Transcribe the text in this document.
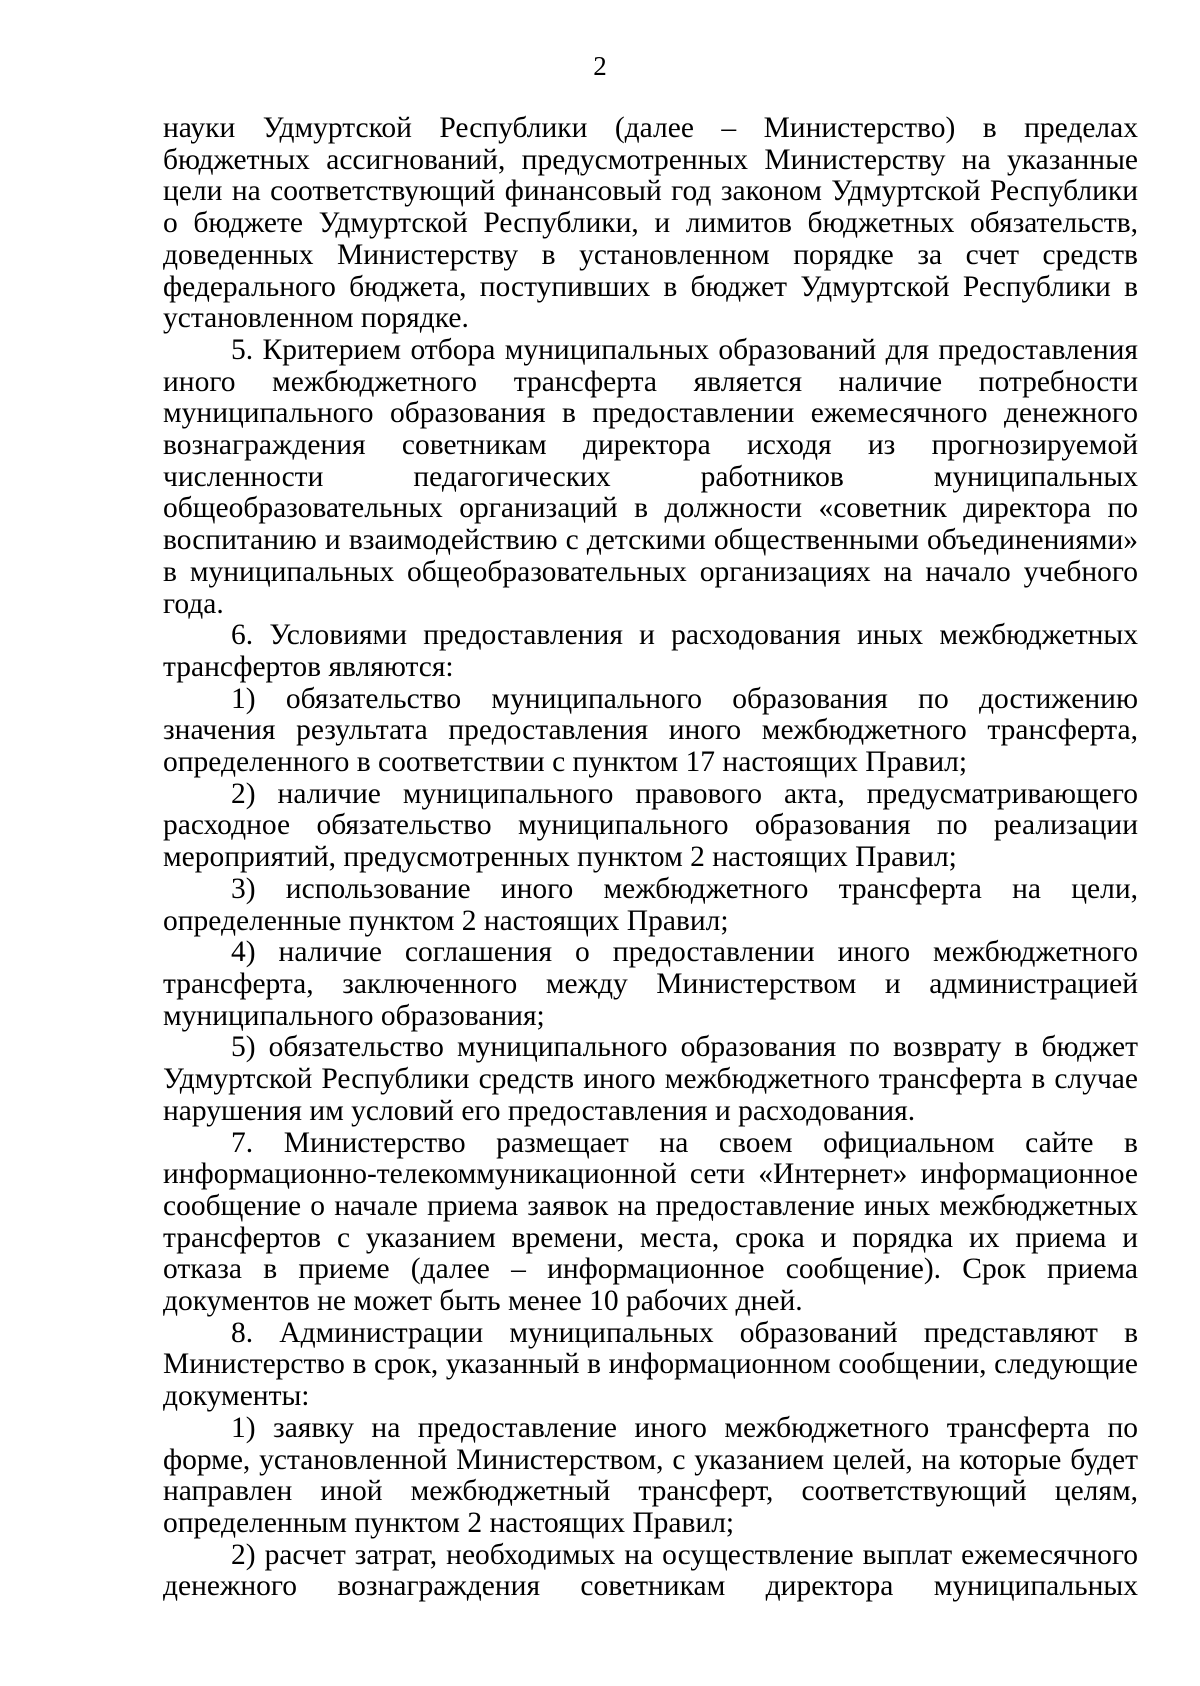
2

науки Удмуртской Республики (далее – Министерство) в пределах бюджетных ассигнований, предусмотренных Министерству на указанные цели на соответствующий финансовый год законом Удмуртской Республики о бюджете Удмуртской Республики, и лимитов бюджетных обязательств, доведенных Министерству в установленном порядке за счет средств федерального бюджета, поступивших в бюджет Удмуртской Республики в установленном порядке.

5. Критерием отбора муниципальных образований для предоставления иного межбюджетного трансферта является наличие потребности муниципального образования в предоставлении ежемесячного денежного вознаграждения советникам директора исходя из прогнозируемой численности педагогических работников муниципальных общеобразовательных организаций в должности «советник директора по воспитанию и взаимодействию с детскими общественными объединениями» в муниципальных общеобразовательных организациях на начало учебного года.

6. Условиями предоставления и расходования иных межбюджетных трансфертов являются:

1) обязательство муниципального образования по достижению значения результата предоставления иного межбюджетного трансферта, определенного в соответствии с пунктом 17 настоящих Правил;

2) наличие муниципального правового акта, предусматривающего расходное обязательство муниципального образования по реализации мероприятий, предусмотренных пунктом 2 настоящих Правил;

3) использование иного межбюджетного трансферта на цели, определенные пунктом 2 настоящих Правил;

4) наличие соглашения о предоставлении иного межбюджетного трансферта, заключенного между Министерством и администрацией муниципального образования;

5) обязательство муниципального образования по возврату в бюджет Удмуртской Республики средств иного межбюджетного трансферта в случае нарушения им условий его предоставления и расходования.

7. Министерство размещает на своем официальном сайте в информационно-телекоммуникационной сети «Интернет» информационное сообщение о начале приема заявок на предоставление иных межбюджетных трансфертов с указанием времени, места, срока и порядка их приема и отказа в приеме (далее – информационное сообщение). Срок приема документов не может быть менее 10 рабочих дней.

8. Администрации муниципальных образований представляют в Министерство в срок, указанный в информационном сообщении, следующие документы:

1) заявку на предоставление иного межбюджетного трансферта по форме, установленной Министерством, с указанием целей, на которые будет направлен иной межбюджетный трансферт, соответствующий целям, определенным пунктом 2 настоящих Правил;

2) расчет затрат, необходимых на осуществление выплат ежемесячного денежного вознаграждения советникам директора муниципальных
